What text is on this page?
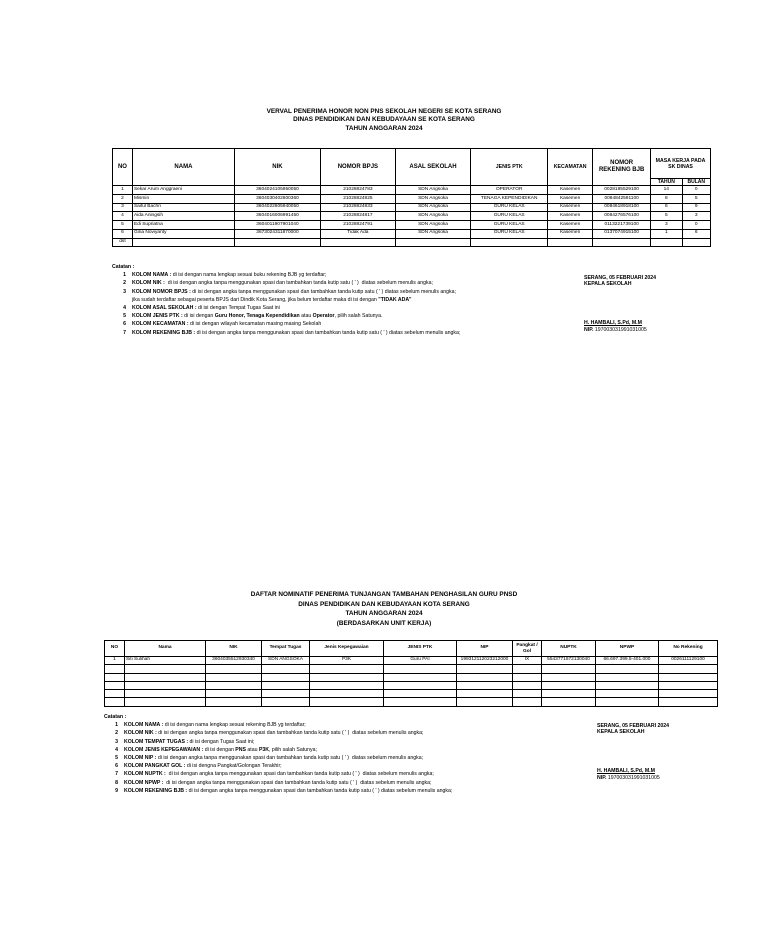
VERVAL PENERIMA HONOR NON PNS SEKOLAH NEGERI SE KOTA SERANG
DINAS PENDIDIKAN DAN KEBUDAYAAN SE KOTA SERANG
TAHUN ANGGARAN 2024
NO	NAMA	NIK	NOMOR BPJS	ASAL SEKOLAH	JENIS PTK	KECAMATAN	NOMOR REKENING BJB	MASA KERJA PADA SK DINAS	
								TAHUN	BULAN
1	Sekar Arum Anggraeni	3604024105950050	21028824783	SDN Angsoka	OPERATOR	Kasemen	0028185529100	14	0
2	Mismin	3604030402600360	21028824825	SDN Angsoka	TENAGA KEPENDIDIKAN	Kasemen	0084842591100	8	5
3	Saiful Bachri	3604022605940050	21028824833	SDN Angsoka	GURU KELAS	Kasemen	0084618918100	6	9
4	Aida Aningsih	3604016006991450	21028824817	SDN Angsoka	GURU KELAS	Kasemen	0084276576100	5	3
5	Edi Supriatna	3604011907901040	21028824791	SDN Angsoka	GURU KELAS	Kasemen	0113221739100	3	0
6	Gina Noviyanty	3673024311870000	Tidak Ada	SDN Angsoka	GURU KELAS	Kasemen	0137074915100	1	6
dst									
Catatan :
1	KOLOM NAMA : di isi dengan nama lengkap sesuai buku rekening BJB yg terdaftar;
2	KOLOM NIK :  di isi dengan angka tanpa menggunakan spasi dan tambahkan tanda kutip satu ( ' )  diatas sebelum menulis angka;
3	KOLOM NOMOR BPJS : di isi dengan angka tanpa menggunakan spasi dan tambahkan tanda kutip satu ( ' ) diatas sebelum menulis angka;
jika sudah terdaftar sebagai peserta BPJS dari Dindik Kota Serang, jika belum terdaftar maka di isi dengan "TIDAK ADA"
4	KOLOM ASAL SEKOLAH : di isi dengan Tempat Tugas Saat ini
5	KOLOM JENIS PTK : di isi dengan Guru Honor, Tenaga Kependidikan atau Operator, pilih salah Satunya.
6	KOLOM KECAMATAN : di isi dengan wilayah kecamatan masing masing Sekolah
7	KOLOM REKENING BJB : di isi dengan angka tanpa menggunakan spasi dan tambahkan tanda kutip satu ( ' ) diatas sebelum menulis angka;
SERANG, 05 FEBRUARI 2024
KEPALA SEKOLAH
H. HAMBALI, S.Pd, M.M
NIP. 197003031991031005
DAFTAR NOMINATIF PENERIMA TUNJANGAN TAMBAHAN PENGHASILAN GURU PNSD
DINAS PENDIDIKAN DAN KEBUDAYAAN KOTA SERANG
TAHUN ANGGARAN 2024
(BERDASARKAN UNIT KERJA)
NO	Nama	NIK	Tempat Tugas	Jenis Kepegawaian	JENIS PTK	NIP	Pangkat / Gol	NUPTK	NPWP	No Rekening
1	Siti Sulihah	3604035512930340	SDN ANGSOKA	P3K	Guru PAI	199312112023212000	IX	5543771672130040	66.697.399.5-401.000	0026111129100

Catatan :
1	KOLOM NAMA : di isi dengan nama lengkap sesuai rekening BJB yg terdaftar;
2	KOLOM NIK : di isi dengan angka tanpa menggunakan spasi dan tambahkan tanda kutip satu ( ' )  diatas sebelum menulis angka;
3	KOLOM TEMPAT TUGAS : di isi dengan Tugas Saat ini;
4	KOLOM JENIS KEPEGAWAIAN : di isi dengan PNS atau P3K, pilih salah Satunya;
5	KOLOM NIP : di isi dengan angka tanpa menggunakan spasi dan tambahkan tanda kutip satu ( ' )  diatas sebelum menulis angka;
6	KOLOM PANGKAT GOL : di isi dengna Pangkat/Golongan Terakhir;
7	KOLOM NUPTK :  di isi dengan angka tanpa menggunakan spasi dan tambahkan tanda kutip satu ( ' )  diatas sebelum menulis angka;
8	KOLOM NPWP :  di isi dengan angka tanpa menggunakan spasi dan tambahkan tanda kutip satu ( ' )  diatas sebelum menulis angka;
9	KOLOM REKENING BJB : di isi dengan angka tanpa menggunakan spasi dan tambahkan tanda kutip satu ( ' ) diatas sebelum menulis angka;
SERANG, 05 FEBRUARI 2024
KEPALA SEKOLAH
H. HAMBALI, S.Pd, M.M
NIP. 197003031991031005
